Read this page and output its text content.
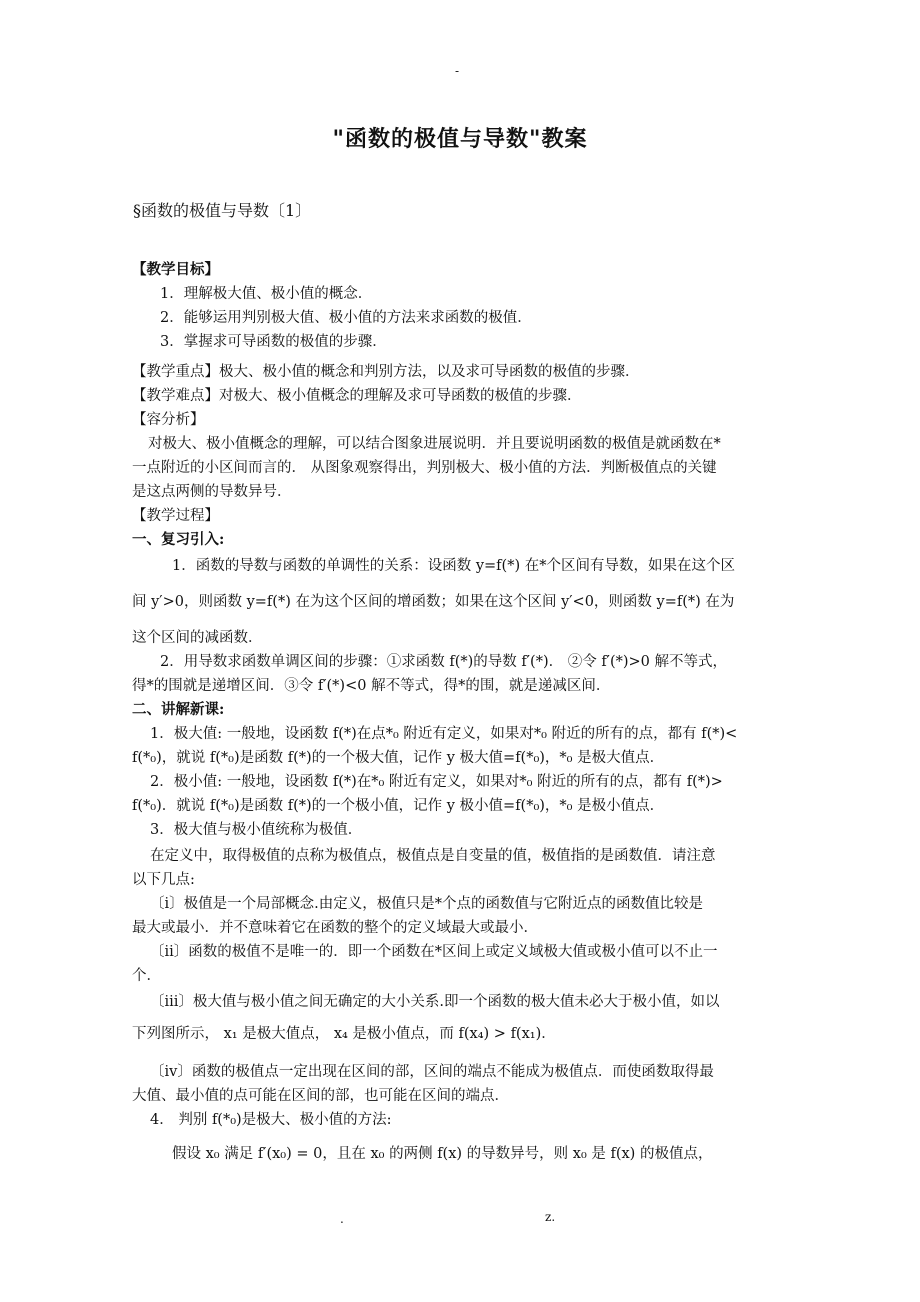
-
"函数的极值与导数"教案
§函数的极值与导数〔1〕
【教学目标】
1．理解极大值、极小值的概念．
2．能够运用判别极大值、极小值的方法来求函数的极值．
3．掌握求可导函数的极值的步骤．
【教学重点】极大、极小值的概念和判别方法，以及求可导函数的极值的步骤．
【教学难点】对极大、极小值概念的理解及求可导函数的极值的步骤．
【容分析】
对极大、极小值概念的理解，可以结合图象进展说明．并且要说明函数的极值是就函数在*
一点附近的小区间而言的． 从图象观察得出，判别极大、极小值的方法．判断极值点的关键
是这点两侧的导数异号．
【教学过程】
一、复习引入:
1．函数的导数与函数的单调性的关系：设函数 y=f(*) 在*个区间有导数，如果在这个区
间 y′>0，则函数 y=f(*) 在为这个区间的增函数；如果在这个区间 y′<0，则函数 y=f(*) 在为
这个区间的减函数．
2．用导数求函数单调区间的步骤：①求函数 f(*)的导数 f′(*)． ②令 f′(*)>0 解不等式，
得*的围就是递增区间．③令 f′(*)<0 解不等式，得*的围，就是递减区间．
二、讲解新课:
1．极大值: 一般地，设函数 f(*)在点*₀ 附近有定义，如果对*₀ 附近的所有的点，都有 f(*)<
f(*₀)，就说 f(*₀)是函数 f(*)的一个极大值，记作 y 极大值=f(*₀)，*₀ 是极大值点．
2．极小值: 一般地，设函数 f(*)在*₀ 附近有定义，如果对*₀ 附近的所有的点，都有 f(*)>
f(*₀)．就说 f(*₀)是函数 f(*)的一个极小值，记作 y 极小值=f(*₀)，*₀ 是极小值点．
3．极大值与极小值统称为极值．
在定义中，取得极值的点称为极值点，极值点是自变量的值，极值指的是函数值．请注意
以下几点:
〔ⅰ〕极值是一个局部概念.由定义，极值只是*个点的函数值与它附近点的函数值比较是
最大或最小．并不意味着它在函数的整个的定义域最大或最小．
〔ⅱ〕函数的极值不是唯一的．即一个函数在*区间上或定义域极大值或极小值可以不止一
个．
〔ⅲ〕极大值与极小值之间无确定的大小关系.即一个函数的极大值未必大于极小值，如以
下列图所示， x₁ 是极大值点， x₄ 是极小值点，而 f(x₄) > f(x₁)．
〔ⅳ〕函数的极值点一定出现在区间的部，区间的端点不能成为极值点．而使函数取得最
大值、最小值的点可能在区间的部，也可能在区间的端点．
4． 判别 f(*₀)是极大、极小值的方法:
假设 x₀ 满足 f′(x₀) = 0，且在 x₀ 的两侧 f(x) 的导数异号，则 x₀ 是 f(x) 的极值点，
.	z.
